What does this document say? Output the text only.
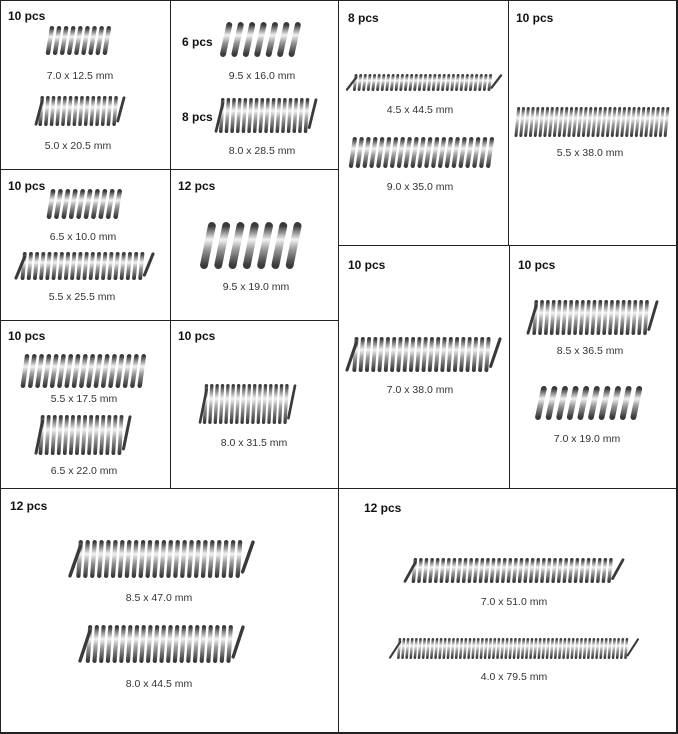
10 pcs
7.0 x 12.5 mm
5.0 x 20.5 mm
6 pcs
9.5 x 16.0 mm
8 pcs
8.0 x 28.5 mm
8 pcs
4.5 x 44.5 mm
9.0 x 35.0 mm
10 pcs
5.5 x 38.0 mm
10 pcs
6.5 x 10.0 mm
5.5 x 25.5 mm
12 pcs
9.5 x 19.0 mm
10 pcs
7.0 x 38.0 mm
10 pcs
8.5 x 36.5 mm
7.0 x 19.0 mm
10 pcs
5.5 x 17.5 mm
6.5 x 22.0 mm
10 pcs
8.0 x 31.5 mm
12 pcs
8.5 x 47.0 mm
8.0 x 44.5 mm
12 pcs
7.0 x 51.0 mm
4.0 x 79.5 mm
